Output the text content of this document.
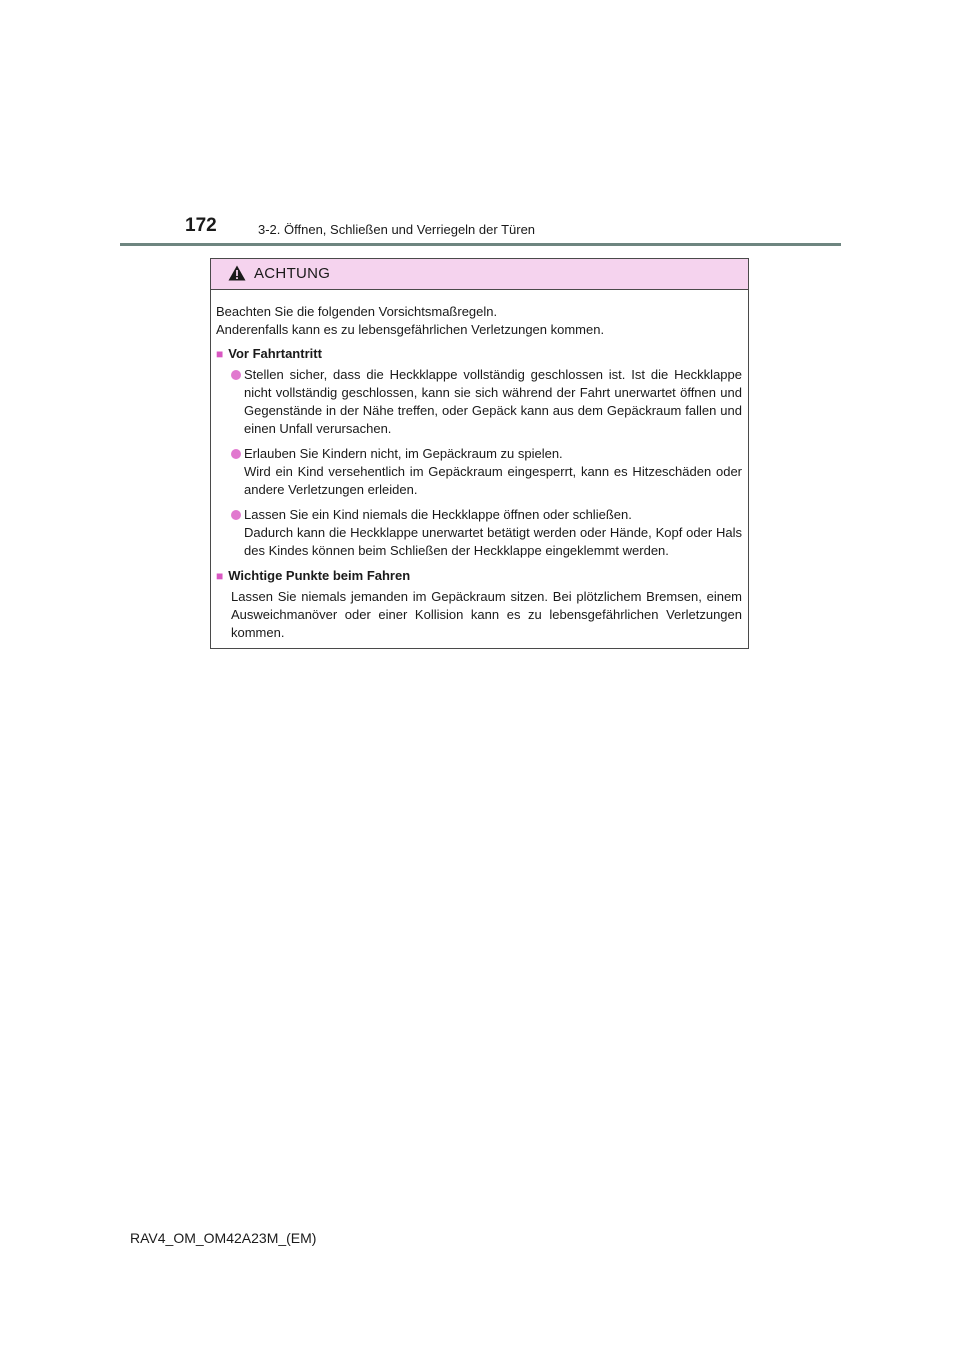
172	3-2. Öffnen, Schließen und Verriegeln der Türen
ACHTUNG
Beachten Sie die folgenden Vorsichtsmaßregeln.
Anderenfalls kann es zu lebensgefährlichen Verletzungen kommen.
■ Vor Fahrtantritt
Stellen sicher, dass die Heckklappe vollständig geschlossen ist. Ist die Heckklappe nicht vollständig geschlossen, kann sie sich während der Fahrt unerwartet öffnen und Gegenstände in der Nähe treffen, oder Gepäck kann aus dem Gepäckraum fallen und einen Unfall verursachen.
Erlauben Sie Kindern nicht, im Gepäckraum zu spielen.
Wird ein Kind versehentlich im Gepäckraum eingesperrt, kann es Hitzeschäden oder andere Verletzungen erleiden.
Lassen Sie ein Kind niemals die Heckklappe öffnen oder schließen.
Dadurch kann die Heckklappe unerwartet betätigt werden oder Hände, Kopf oder Hals des Kindes können beim Schließen der Heckklappe eingeklemmt werden.
■ Wichtige Punkte beim Fahren
Lassen Sie niemals jemanden im Gepäckraum sitzen. Bei plötzlichem Bremsen, einem Ausweichmanöver oder einer Kollision kann es zu lebensgefährlichen Verletzungen kommen.
RAV4_OM_OM42A23M_(EM)
